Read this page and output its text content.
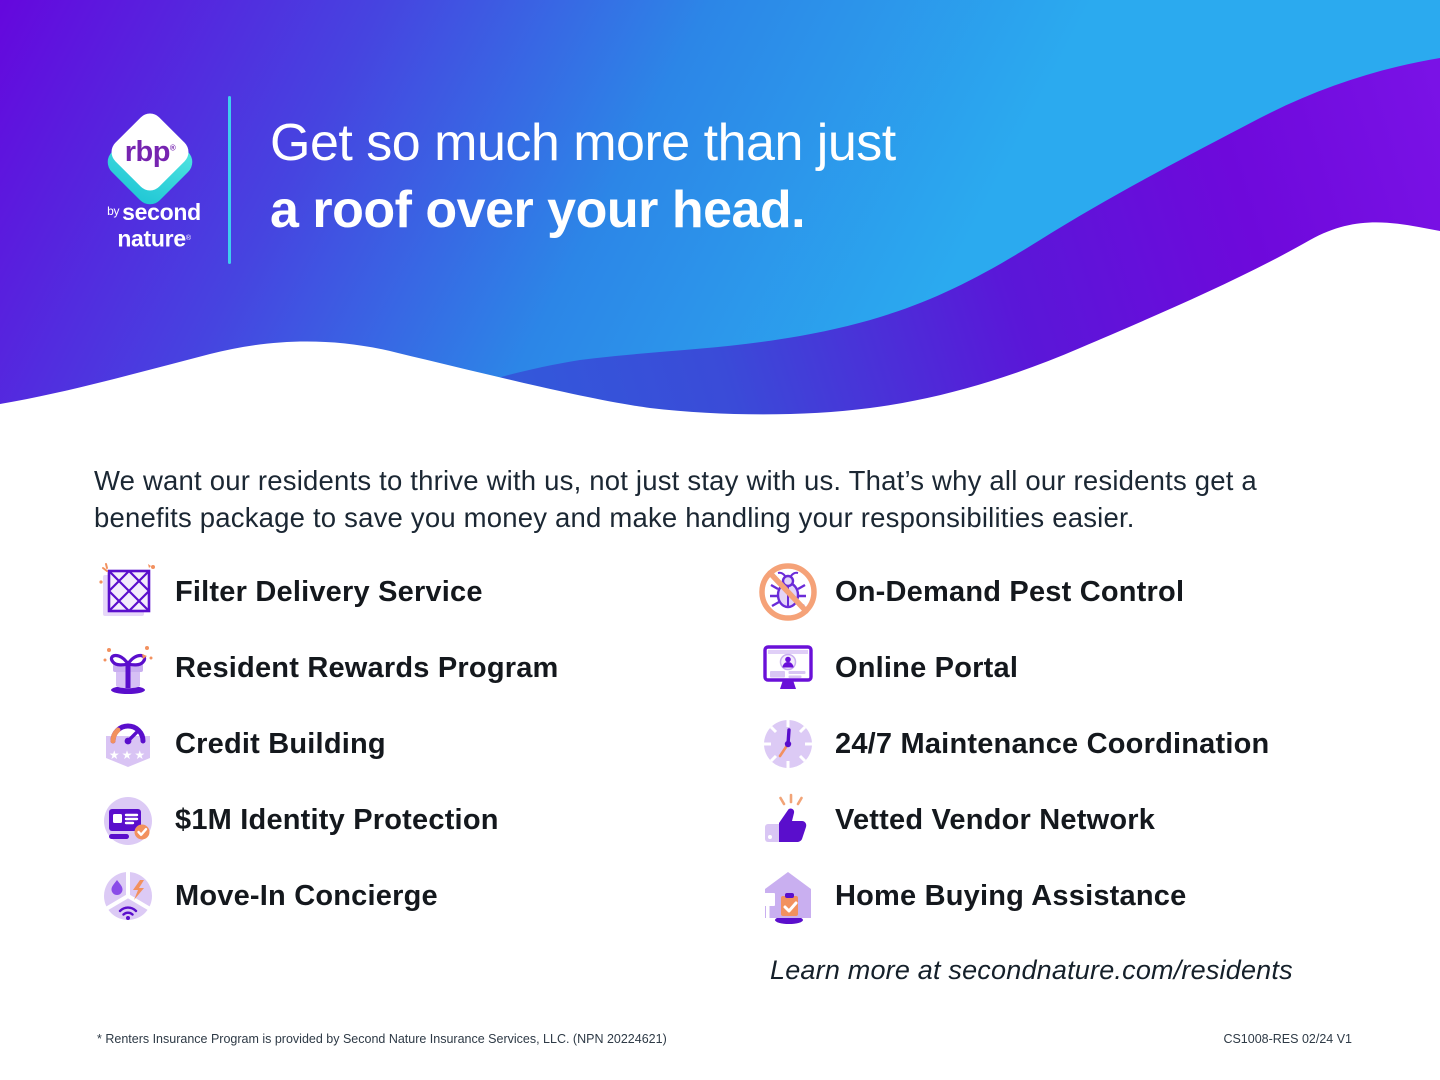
rbp®
$^{by}$ second
nature®
Get so much more than just
a roof over your head.
We want our residents to thrive with us, not just stay with us. That’s why all our residents get a
benefits package to save you money and make handling your responsibilities easier.
Filter Delivery Service
Resident Rewards Program
★★★ Credit Building
$1M Identity Protection
Move-In Concierge
On-Demand Pest Control
Online Portal
24/7 Maintenance Coordination
Vetted Vendor Network
Home Buying Assistance
Learn more at secondnature.com/residents
* Renters Insurance Program is provided by Second Nature Insurance Services, LLC. (NPN 20224621)	CS1008-RES 02/24 V1
